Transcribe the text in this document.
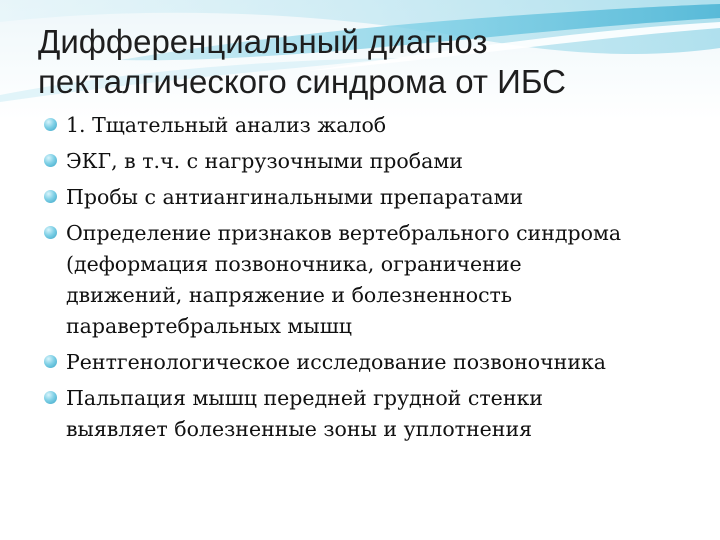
Дифференциальный диагноз
пекталгического синдрома от ИБС
1. Тщательный анализ жалоб
ЭКГ, в т.ч. с нагрузочными пробами
Пробы с антиангинальными препаратами
Определение признаков вертебрального синдрома
(деформация позвоночника, ограничение
движений, напряжение и болезненность
паравертебральных мышц
Рентгенологическое исследование позвоночника
Пальпация мышц передней грудной стенки
выявляет болезненные зоны и уплотнения
